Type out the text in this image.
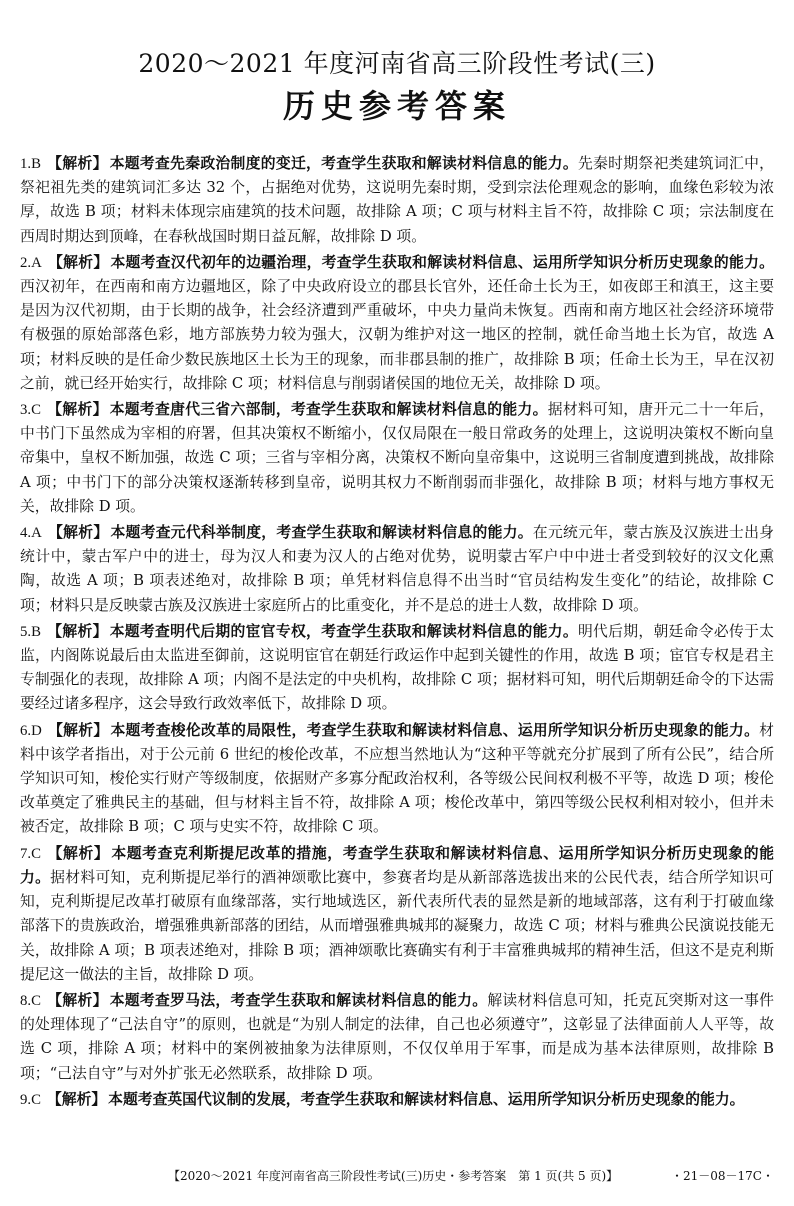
2020～2021 年度河南省高三阶段性考试(三)
历史参考答案
1.B 【解析】 本题考查先秦政治制度的变迁，考查学生获取和解读材料信息的能力。先秦时期祭祀类建筑词汇中，祭祀祖先类的建筑词汇多达 32 个，占据绝对优势，这说明先秦时期，受到宗法伦理观念的影响，血缘色彩较为浓厚，故选 B 项；材料未体现宗庙建筑的技术问题，故排除 A 项；C 项与材料主旨不符，故排除 C 项；宗法制度在西周时期达到顶峰，在春秋战国时期日益瓦解，故排除 D 项。
2.A 【解析】 本题考查汉代初年的边疆治理，考查学生获取和解读材料信息、运用所学知识分析历史现象的能力。西汉初年，在西南和南方边疆地区，除了中央政府设立的郡县长官外，还任命土长为王，如夜郎王和滇王，这主要是因为汉代初期，由于长期的战争，社会经济遭到严重破坏，中央力量尚未恢复。西南和南方地区社会经济环境带有极强的原始部落色彩，地方部族势力较为强大，汉朝为维护对这一地区的控制，就任命当地土长为官，故选 A 项；材料反映的是任命少数民族地区土长为王的现象，而非郡县制的推广，故排除 B 项；任命土长为王，早在汉初之前，就已经开始实行，故排除 C 项；材料信息与削弱诸侯国的地位无关，故排除 D 项。
3.C 【解析】 本题考查唐代三省六部制，考查学生获取和解读材料信息的能力。据材料可知，唐开元二十一年后，中书门下虽然成为宰相的府署，但其决策权不断缩小，仅仅局限在一般日常政务的处理上，这说明决策权不断向皇帝集中，皇权不断加强，故选 C 项；三省与宰相分离，决策权不断向皇帝集中，这说明三省制度遭到挑战，故排除 A 项；中书门下的部分决策权逐渐转移到皇帝，说明其权力不断削弱而非强化，故排除 B 项；材料与地方事权无关，故排除 D 项。
4.A 【解析】 本题考查元代科举制度，考查学生获取和解读材料信息的能力。在元统元年，蒙古族及汉族进士出身统计中，蒙古军户中的进士，母为汉人和妻为汉人的占绝对优势，说明蒙古军户中中进士者受到较好的汉文化熏陶，故选 A 项；B 项表述绝对，故排除 B 项；单凭材料信息得不出当时“官员结构发生变化”的结论，故排除 C 项；材料只是反映蒙古族及汉族进士家庭所占的比重变化，并不是总的进士人数，故排除 D 项。
5.B 【解析】 本题考查明代后期的宦官专权，考查学生获取和解读材料信息的能力。明代后期，朝廷命令必传于太监，内阁陈说最后由太监进至御前，这说明宦官在朝廷行政运作中起到关键性的作用，故选 B 项；宦官专权是君主专制强化的表现，故排除 A 项；内阁不是法定的中央机构，故排除 C 项；据材料可知，明代后期朝廷命令的下达需要经过诸多程序，这会导致行政效率低下，故排除 D 项。
6.D 【解析】 本题考查梭伦改革的局限性，考查学生获取和解读材料信息、运用所学知识分析历史现象的能力。材料中该学者指出，对于公元前 6 世纪的梭伦改革，不应想当然地认为“这种平等就充分扩展到了所有公民”，结合所学知识可知，梭伦实行财产等级制度，依据财产多寡分配政治权利，各等级公民间权利极不平等，故选 D 项；梭伦改革奠定了雅典民主的基础，但与材料主旨不符，故排除 A 项；梭伦改革中，第四等级公民权利相对较小，但并未被否定，故排除 B 项；C 项与史实不符，故排除 C 项。
7.C 【解析】 本题考查克利斯提尼改革的措施，考查学生获取和解读材料信息、运用所学知识分析历史现象的能力。据材料可知，克利斯提尼举行的酒神颂歌比赛中，参赛者均是从新部落选拔出来的公民代表，结合所学知识可知，克利斯提尼改革打破原有血缘部落，实行地域选区，新代表所代表的显然是新的地域部落，这有利于打破血缘部落下的贵族政治，增强雅典新部落的团结，从而增强雅典城邦的凝聚力，故选 C 项；材料与雅典公民演说技能无关，故排除 A 项；B 项表述绝对，排除 B 项；酒神颂歌比赛确实有利于丰富雅典城邦的精神生活，但这不是克利斯提尼这一做法的主旨，故排除 D 项。
8.C 【解析】 本题考查罗马法，考查学生获取和解读材料信息的能力。解读材料信息可知，托克瓦突斯对这一事件的处理体现了“己法自守”的原则，也就是“为别人制定的法律，自己也必须遵守”，这彰显了法律面前人人平等，故选 C 项，排除 A 项；材料中的案例被抽象为法律原则，不仅仅单用于军事，而是成为基本法律原则，故排除 B 项；“己法自守”与对外扩张无必然联系，故排除 D 项。
9.C 【解析】 本题考查英国代议制的发展，考查学生获取和解读材料信息、运用所学知识分析历史现象的能力。
【2020～2021 年度河南省高三阶段性考试(三)历史・参考答案　第 1 页(共 5 页)】	・21－08－17C・
